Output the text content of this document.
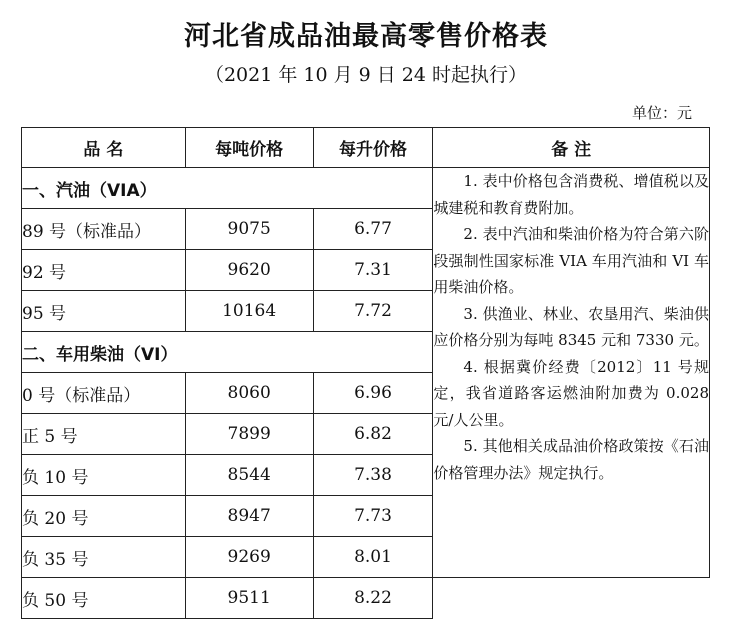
河北省成品油最高零售价格表
（2021 年 10 月 9 日 24 时起执行）
单位：元
品 名	每吨价格	每升价格	备 注
一、汽油（VIA）			1. 表中价格包含消费税、增值税以及城建税和教育费附加。
2. 表中汽油和柴油价格为符合第六阶段强制性国家标准 VIA 车用汽油和 VI 车用柴油价格。
3. 供渔业、林业、农垦用汽、柴油供应价格分别为每吨 8345 元和 7330 元。
4. 根据冀价经费〔2012〕11 号规定，我省道路客运燃油附加费为 0.028 元/人公里。
5. 其他相关成品油价格政策按《石油价格管理办法》规定执行。

89 号（标准品）	9075	6.77	
92 号	9620	7.31	
95 号	10164	7.72	
二、车用柴油（VI）			
0 号（标准品）	8060	6.96	
正 5 号	7899	6.82	
负 10 号	8544	7.38	
负 20 号	8947	7.73	
负 35 号	9269	8.01	
负 50 号	9511	8.22	
